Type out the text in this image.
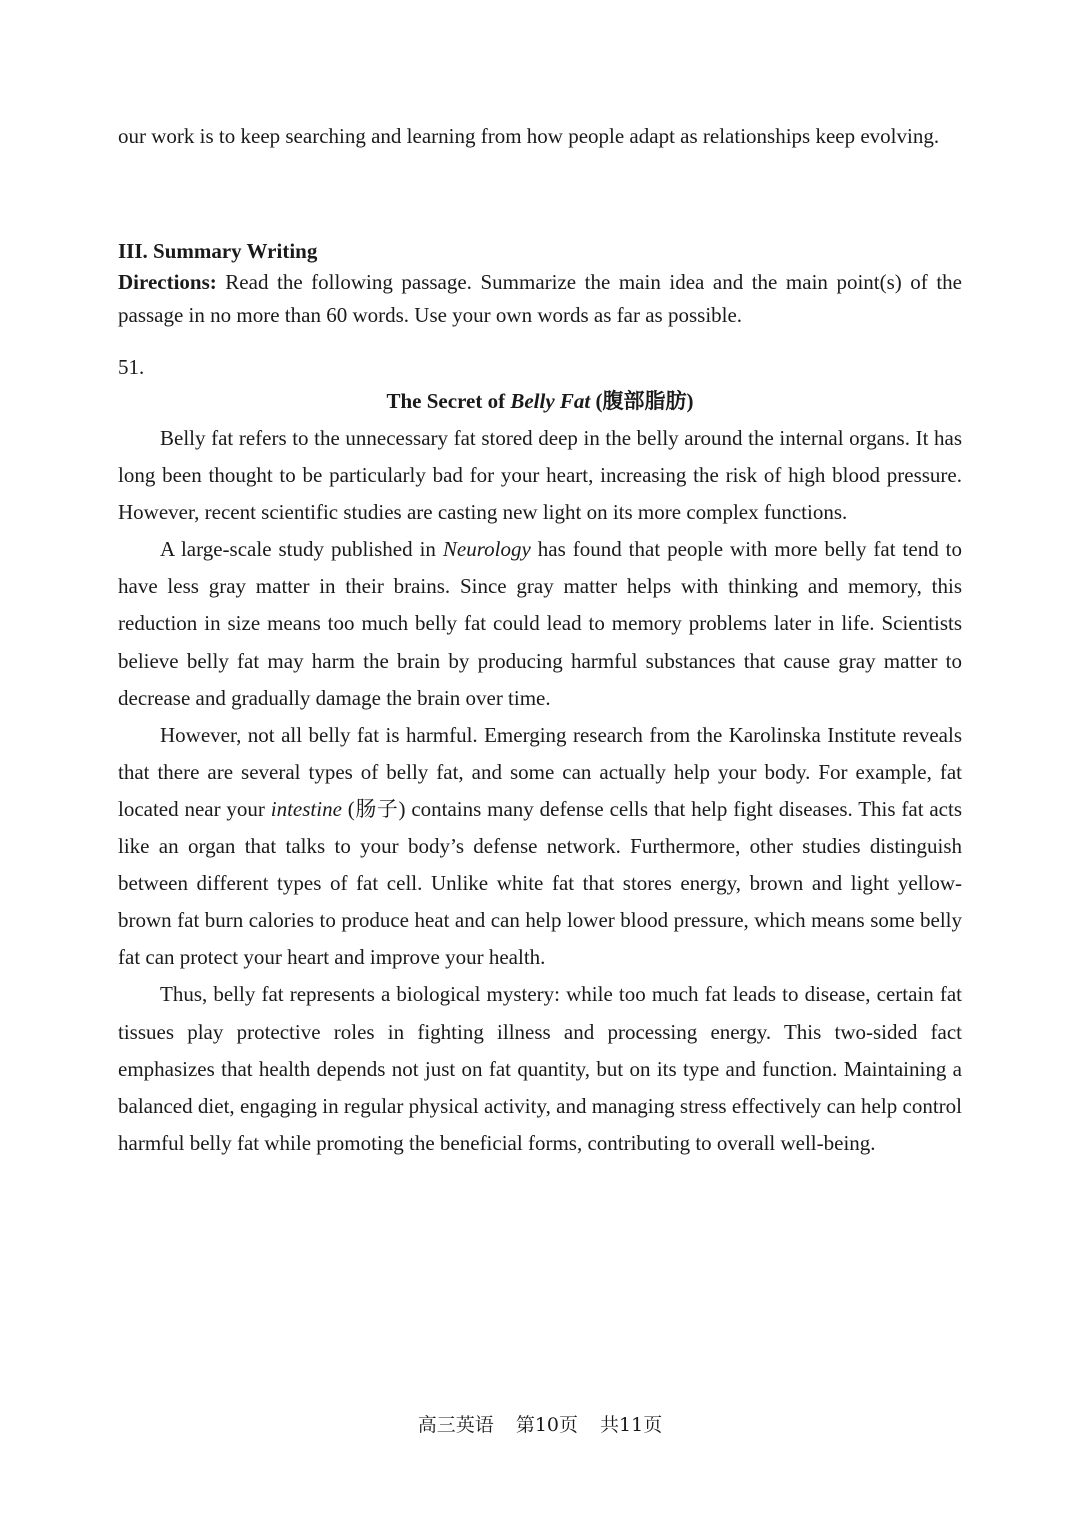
our work is to keep searching and learning from how people adapt as relationships keep evolving.

III. Summary Writing

Directions: Read the following passage. Summarize the main idea and the main point(s) of the passage in no more than 60 words. Use your own words as far as possible.

51.

The Secret of Belly Fat (腹部脂肪)

Belly fat refers to the unnecessary fat stored deep in the belly around the internal organs. It has long been thought to be particularly bad for your heart, increasing the risk of high blood pressure. However, recent scientific studies are casting new light on its more complex functions.

A large-scale study published in Neurology has found that people with more belly fat tend to have less gray matter in their brains. Since gray matter helps with thinking and memory, this reduction in size means too much belly fat could lead to memory problems later in life. Scientists believe belly fat may harm the brain by producing harmful substances that cause gray matter to decrease and gradually damage the brain over time.

However, not all belly fat is harmful. Emerging research from the Karolinska Institute reveals that there are several types of belly fat, and some can actually help your body. For example, fat located near your intestine (肠子) contains many defense cells that help fight diseases. This fat acts like an organ that talks to your body’s defense network. Furthermore, other studies distinguish between different types of fat cell. Unlike white fat that stores energy, brown and light yellow-brown fat burn calories to produce heat and can help lower blood pressure, which means some belly fat can protect your heart and improve your health.

Thus, belly fat represents a biological mystery: while too much fat leads to disease, certain fat tissues play protective roles in fighting illness and processing energy. This two-sided fact emphasizes that health depends not just on fat quantity, but on its type and function. Maintaining a balanced diet, engaging in regular physical activity, and managing stress effectively can help control harmful belly fat while promoting the beneficial forms, contributing to overall well-being.

高三英语 第10页 共11页
